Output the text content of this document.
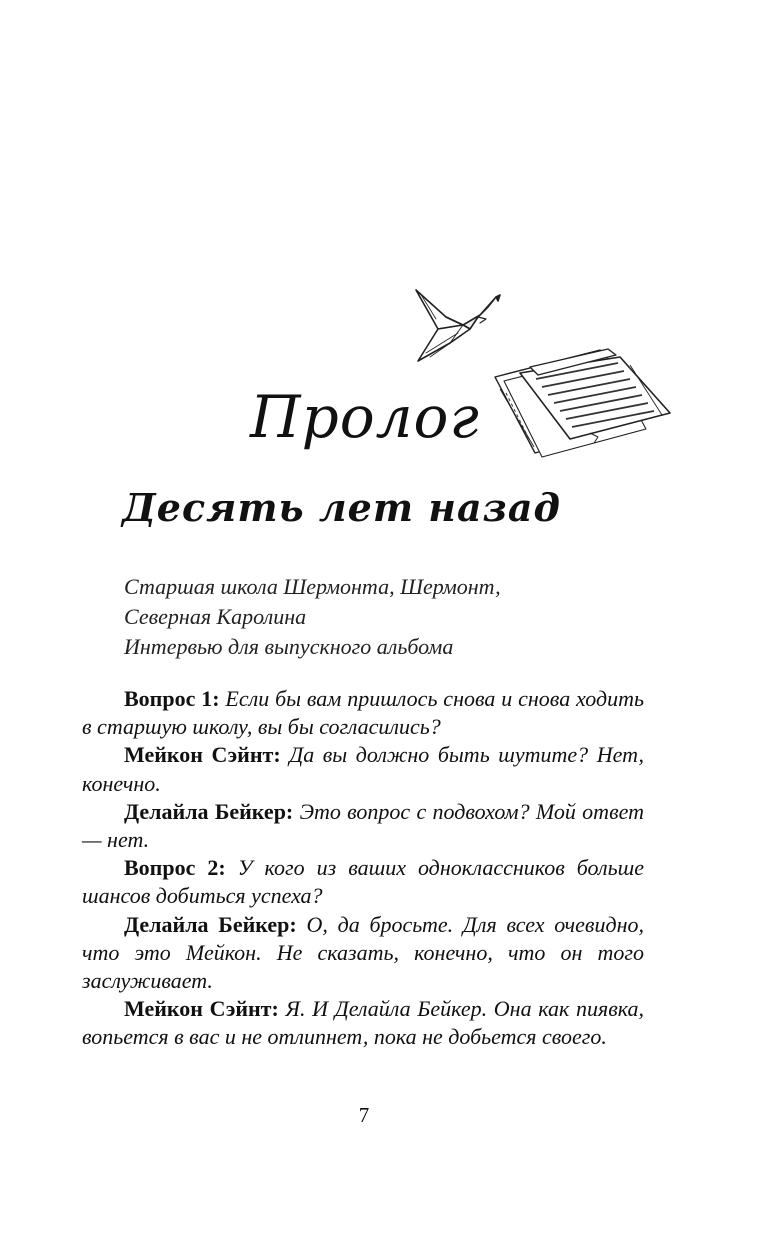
Пролог
Десять лет назад
Старшая школа Шермонта, Шермонт,
Северная Каролина
Интервью для выпускного альбома

Вопрос 1: Если бы вам пришлось снова и снова ходить в старшую школу, вы бы согласились?

Мейкон Сэйнт: Да вы должно быть шутите? Нет, конечно.

Делайла Бейкер: Это вопрос с подвохом? Мой ответ — нет.

Вопрос 2: У кого из ваших одноклассников больше шансов добиться успеха?

Делайла Бейкер: О, да бросьте. Для всех очевидно, что это Мейкон. Не сказать, конечно, что он того заслуживает.

Мейкон Сэйнт: Я. И Делайла Бейкер. Она как пиявка, вопьется в вас и не отлипнет, пока не добьется своего.

7
